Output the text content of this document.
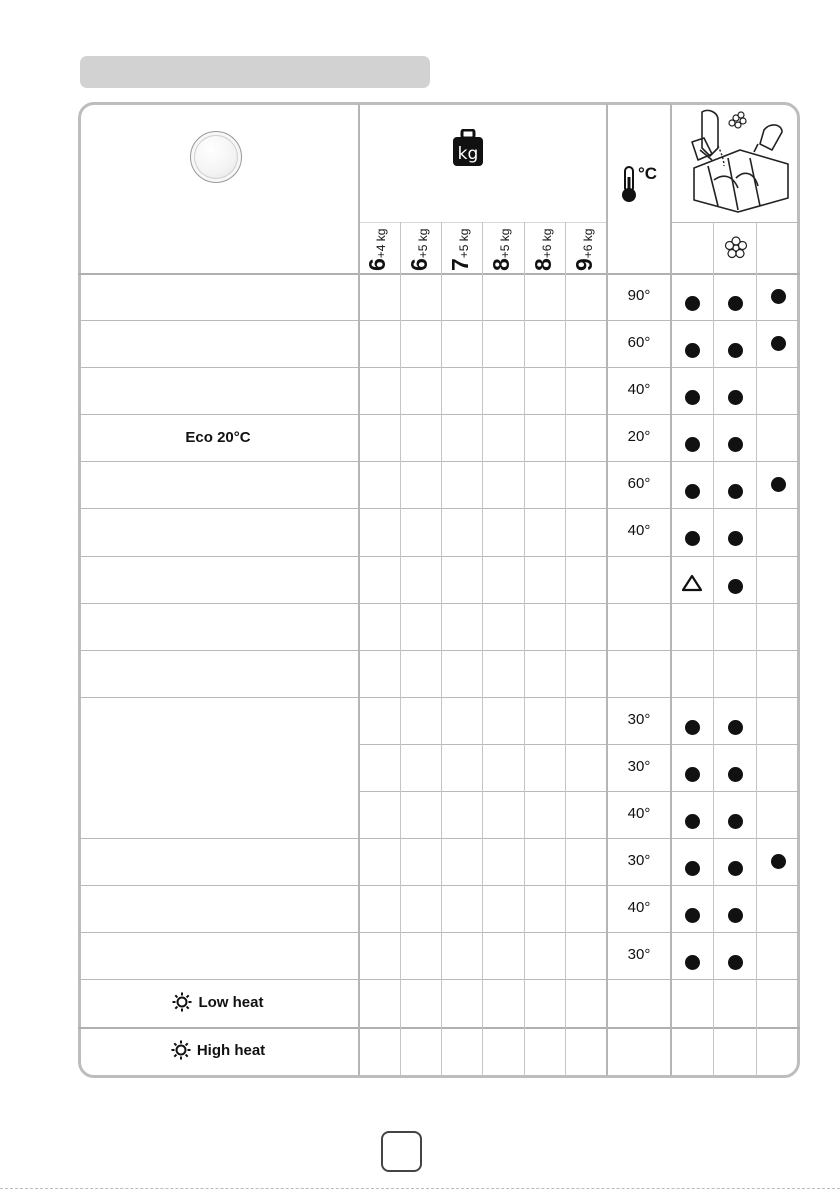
kg
°C
6+4 kg
6+5 kg
7+5 kg
8+5 kg
8+6 kg
9+6 kg
90°
60°
40°
Eco 20°C	20°
60°
40°
30°
30°
40°
30°
40°
30°
Low heat
High heat
